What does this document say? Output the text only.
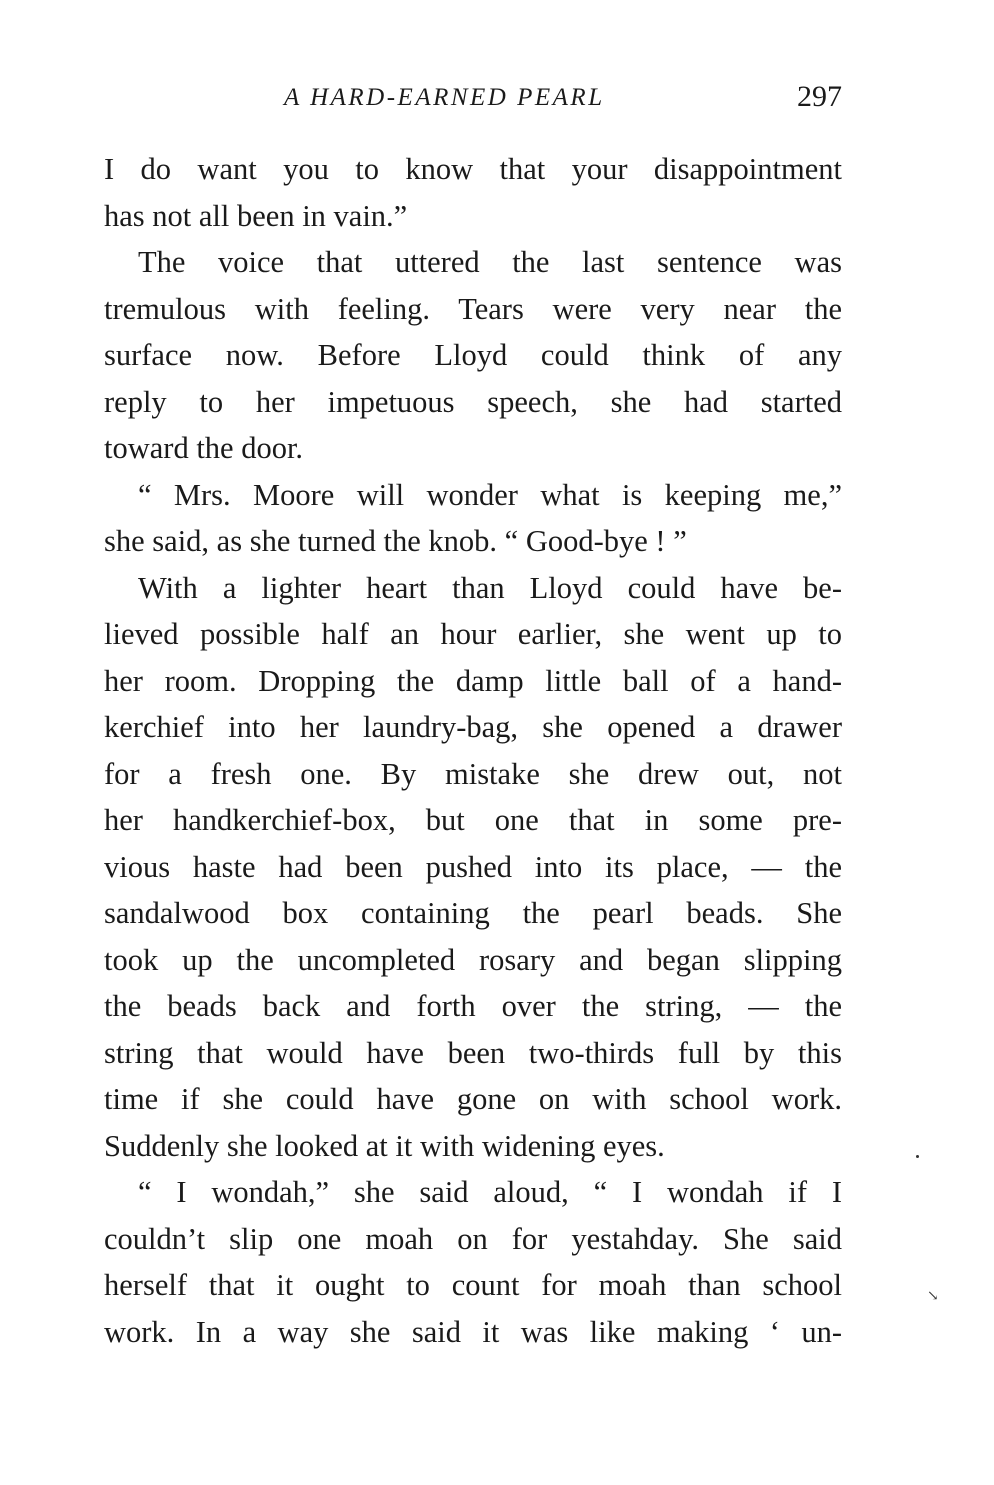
A HARD-EARNED PEARL	297
I do want you to know that your disappointment
has not all been in vain.”
The voice that uttered the last sentence was
tremulous with feeling. Tears were very near the
surface now. Before Lloyd could think of any
reply to her impetuous speech, she had started
toward the door.
“ Mrs. Moore will wonder what is keeping me,”
she said, as she turned the knob. “ Good-bye ! ”
With a lighter heart than Lloyd could have be-
lieved possible half an hour earlier, she went up to
her room. Dropping the damp little ball of a hand-
kerchief into her laundry-bag, she opened a drawer
for a fresh one. By mistake she drew out, not
her handkerchief-box, but one that in some pre-
vious haste had been pushed into its place, — the
sandalwood box containing the pearl beads. She
took up the uncompleted rosary and began slipping
the beads back and forth over the string, — the
string that would have been two-thirds full by this
time if she could have gone on with school work.
Suddenly she looked at it with widening eyes.
“ I wondah,” she said aloud, “ I wondah if I
couldn’t slip one moah on for yestahday. She said
herself that it ought to count for moah than school
work. In a way she said it was like making ‘ un-
↘
